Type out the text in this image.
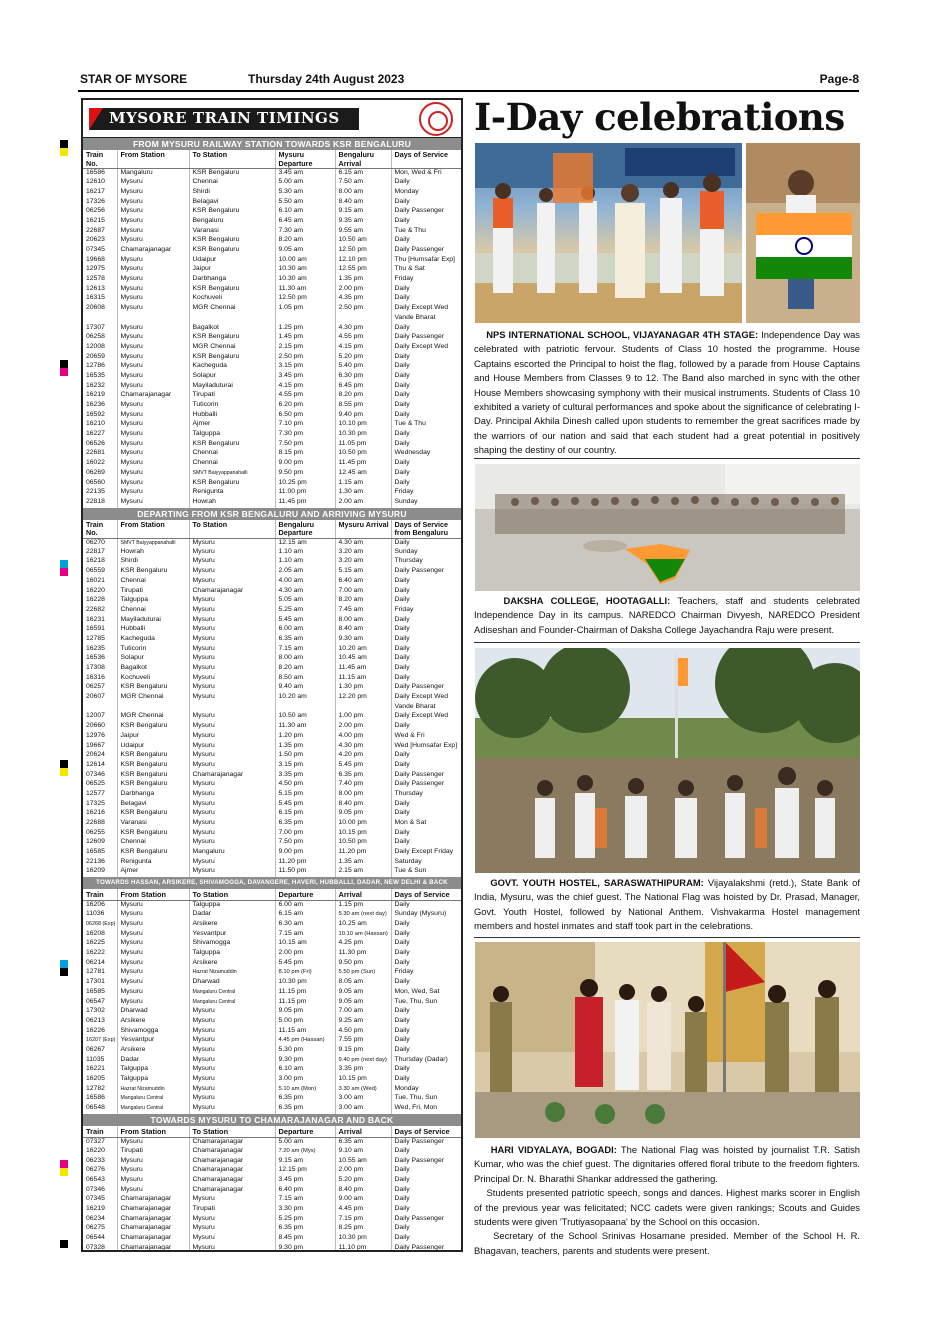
STAR OF MYSORE	Thursday 24th August 2023	Page-8
MYSORE TRAIN TIMINGS
FROM MYSURU RAILWAY STATION TOWARDS KSR BENGALURU
Train No.	From Station	To Station	Mysuru Departure	Bengaluru Arrival	Days of Service
16586	Mangaluru	KSR Bengaluru	3.45 am	6.15 am	Mon, Wed & Fri
12610	Mysuru	Chennai	5.00 am	7.50 am	Daily
16217	Mysuru	Shirdi	5.30 am	8.00 am	Monday
17326	Mysuru	Belagavi	5.50 am	8.40 am	Daily
06256	Mysuru	KSR Bengaluru	6.10 am	9.15 am	Daily Passenger
16215	Mysuru	Bengaluru	6.45 am	9.35 am	Daily
22687	Mysuru	Varanasi	7.30 am	9.55 am	Tue & Thu
20623	Mysuru	KSR Bengaluru	8.20 am	10.50 am	Daily
07345	Chamarajanagar	KSR Bengaluru	9.05 am	12.50 pm	Daily Passenger
19668	Mysuru	Udaipur	10.00 am	12.10 pm	Thu [Humsafar Exp]
12975	Mysuru	Jaipur	10.30 am	12.55 pm	Thu & Sat
12578	Mysuru	Darbhanga	10.30 am	1.35 pm	Friday
12613	Mysuru	KSR Bengaluru	11.30 am	2.00 pm	Daily
16315	Mysuru	Kochuveli	12.50 pm	4.35 pm	Daily
20608	Mysuru	MGR Chennai	1.05 pm	2.50 pm	Daily Except Wed
					Vande Bharat
17307	Mysuru	Bagalkot	1.25 pm	4.30 pm	Daily
06258	Mysuru	KSR Bengaluru	1.45 pm	4.55 pm	Daily Passenger
12008	Mysuru	MGR Chennai	2.15 pm	4.15 pm	Daily Except Wed
20659	Mysuru	KSR Bengaluru	2.50 pm	5.20 pm	Daily
12786	Mysuru	Kacheguda	3.15 pm	5.40 pm	Daily
16535	Mysuru	Solapur	3.45 pm	6.30 pm	Daily
16232	Mysuru	Mayiladuturai	4.15 pm	6.45 pm	Daily
16219	Chamarajanagar	Tirupati	4.55 pm	8.20 pm	Daily
16236	Mysuru	Tuticorin	6.20 pm	8.55 pm	Daily
16592	Mysuru	Hubballi	6.50 pm	9.40 pm	Daily
16210	Mysuru	Ajmer	7.10 pm	10.10 pm	Tue & Thu
16227	Mysuru	Talguppa	7.30 pm	10.30 pm	Daily
06526	Mysuru	KSR Bengaluru	7.50 pm	11.05 pm	Daily
22681	Mysuru	Chennai	8.15 pm	10.50 pm	Wednesday
16022	Mysuru	Chennai	9.00 pm	11.45 pm	Daily
06269	Mysuru	SMVT Baiyyappanahalli	9.50 pm	12.45 am	Daily
06560	Mysuru	KSR Bengaluru	10.25 pm	1.15 am	Daily
22135	Mysuru	Renigunta	11.00 pm	1.30 am	Friday
22818	Mysuru	Howrah	11.45 pm	2.00 am	Sunday
DEPARTING FROM KSR BENGALURU AND ARRIVING MYSURU
Train No.	From Station	To Station	Bengaluru Departure	Mysuru Arrival	Days of Service from Bengaluru
06270	SMVT Baiyyappanahalli	Mysuru	12.15 am	4.30 am	Daily
22817	Howrah	Mysuru	1.10 am	3.20 am	Sunday
16218	Shirdi	Mysuru	1.10 am	3.20 am	Thursday
06559	KSR Bengaluru	Mysuru	2.05 am	5.15 am	Daily Passenger
16021	Chennai	Mysuru	4.00 am	6.40 am	Daily
16220	Tirupati	Chamarajanagar	4.30 am	7.00 am	Daily
16228	Talguppa	Mysuru	5.05 am	8.20 am	Daily
22682	Chennai	Mysuru	5.25 am	7.45 am	Friday
16231	Mayiladuturai	Mysuru	5.45 am	8.00 am	Daily
16591	Hubballi	Mysuru	6.00 am	8.40 am	Daily
12785	Kacheguda	Mysuru	6.35 am	9.30 am	Daily
16235	Tuticorin	Mysuru	7.15 am	10.20 am	Daily
16536	Solapur	Mysuru	8.00 am	10.45 am	Daily
17308	Bagalkot	Mysuru	8.20 am	11.45 am	Daily
16316	Kochuveli	Mysuru	8.50 am	11.15 am	Daily
06257	KSR Bengaluru	Mysuru	9.40 am	1.30 pm	Daily Passenger
20607	MGR Chennai	Mysuru	10.20 am	12.20 pm	Daily Except Wed
					Vande Bharat
12007	MGR Chennai	Mysuru	10.50 am	1.00 pm	Daily Except Wed
20660	KSR Bengaluru	Mysuru	11.30 am	2.00 pm	Daily
12976	Jaipur	Mysuru	1.20 pm	4.00 pm	Wed & Fri
19667	Udaipur	Mysuru	1.35 pm	4.30 pm	Wed [Humsafar Exp]
20624	KSR Bengaluru	Mysuru	1.50 pm	4.20 pm	Daily
12614	KSR Bengaluru	Mysuru	3.15 pm	5.45 pm	Daily
07346	KSR Bengaluru	Chamarajanagar	3.35 pm	6.35 pm	Daily Passenger
06525	KSR Bengaluru	Mysuru	4.50 pm	7.40 pm	Daily Passenger
12577	Darbhanga	Mysuru	5.15 pm	8.00 pm	Thursday
17325	Belagavi	Mysuru	5.45 pm	8.40 pm	Daily
16216	KSR Bengaluru	Mysuru	6.15 pm	9.05 pm	Daily
22688	Varanasi	Mysuru	6.35 pm	10.00 pm	Mon & Sat
06255	KSR Bengaluru	Mysuru	7.00 pm	10.15 pm	Daily
12609	Chennai	Mysuru	7.50 pm	10.50 pm	Daily
16585	KSR Bengaluru	Mangaluru	9.00 pm	11.20 pm	Daily Except Friday
22136	Renigunta	Mysuru	11.20 pm	1.35 am	Saturday
16209	Ajmer	Mysuru	11.50 pm	2.15 am	Tue & Sun
TOWARDS HASSAN, ARSIKERE, SHIVAMOGGA, DAVANGERE, HAVERI, HUBBALLI, DADAR, NEW DELHI & BACK
Train	From Station	To Station	Departure	Arrival	Days of Service
16206	Mysuru	Talguppa	6.00 am	1.15 pm	Daily
11036	Mysuru	Dadar	6.15 am	5.30 am (next day)	Sunday (Mysuru)
06268 (Exp)	Mysuru	Arsikere	6.30 am	10.25 am	Daily
16208	Mysuru	Yesvantpur	7.15 am	10.10 am (Hassan)	Daily
16225	Mysuru	Shivamogga	10.15 am	4.25 pm	Daily
16222	Mysuru	Talguppa	2.00 pm	11.30 pm	Daily
06214	Mysuru	Arsikere	5.45 pm	9.50 pm	Daily
12781	Mysuru	Hazrat Nizamuddin	8.10 pm (Fri)	5.50 pm (Sun)	Friday
17301	Mysuru	Dharwad	10.30 pm	8.05 am	Daily
16585	Mysuru	Mangaluru Central	11.15 pm	9.05 am	Mon, Wed, Sat
06547	Mysuru	Mangaluru Central	11.15 pm	9.05 am	Tue, Thu, Sun
17302	Dharwad	Mysuru	9.05 pm	7.00 am	Daily
06213	Arsikere	Mysuru	5.00 pm	9.25 am	Daily
16226	Shivamogga	Mysuru	11.15 am	4.50 pm	Daily
16207 (Exp)	Yesvantpur	Mysuru	4.45 pm (Hassan)	7.55 pm	Daily
06267	Arsikere	Mysuru	5.30 pm	9.15 pm	Daily
11035	Dadar	Mysuru	9.30 pm	9.40 pm (next day)	Thursday (Dadar)
16221	Talguppa	Mysuru	6.10 am	3.35 pm	Daily
16205	Talguppa	Mysuru	3.00 pm	10.15 pm	Daily
12782	Hazrat Nizamuddin	Mysuru	5.10 am (Mon)	3.30 am (Wed)	Monday
16586	Mangaluru Central	Mysuru	6.35 pm	3.00 am	Tue, Thu, Sun
06548	Mangaluru Central	Mysuru	6.35 pm	3.00 am	Wed, Fri, Mon
TOWARDS MYSURU TO CHAMARAJANAGAR AND BACK
Train	From Station	To Station	Departure	Arrival	Days of Service
07327	Mysuru	Chamarajanagar	5.00 am	6.35 am	Daily Passenger
16220	Tirupati	Chamarajanagar	7.20 am (Mys)	9.10 am	Daily
06233	Mysuru	Chamarajanagar	9.15 am	10.55 am	Daily Passenger
06276	Mysuru	Chamarajanagar	12.15 pm	2.00 pm	Daily
06543	Mysuru	Chamarajanagar	3.45 pm	5.20 pm	Daily
07346	Mysuru	Chamarajanagar	6.40 pm	8.40 pm	Daily
07345	Chamarajanagar	Mysuru	7.15 am	9.00 am	Daily
16219	Chamarajanagar	Tirupati	3.30 pm	4.45 pm	Daily
06234	Chamarajanagar	Mysuru	5.25 pm	7.15 pm	Daily Passenger
06275	Chamarajanagar	Mysuru	6.35 pm	8.25 pm	Daily
06544	Chamarajanagar	Mysuru	8.45 pm	10.30 pm	Daily
07328	Chamarajanagar	Mysuru	9.30 pm	11.10 pm	Daily Passenger
I-Day celebrations
NPS INTERNATIONAL SCHOOL, VIJAYANAGAR 4TH STAGE: Independence Day was celebrated with patriotic fervour. Students of Class 10 hosted the programme. House Captains escorted the Principal to hoist the flag, followed by a parade from House Captains and House Members from Classes 9 to 12. The Band also marched in sync with the other House Members showcasing symphony with their musical instruments. Students of Class 10 exhibited a variety of cultural performances and spoke about the significance of celebrating I-Day. Principal Akhila Dinesh called upon students to remember the great sacrifices made by the warriors of our nation and said that each student had a great potential in positively shaping the destiny of our country.
DAKSHA COLLEGE, HOOTAGALLI: Teachers, staff and students celebrated Independence Day in its campus. NAREDCO Chairman Divyesh, NAREDCO President Adiseshan and Founder-Chairman of Daksha College Jayachandra Raju were present.
GOVT. YOUTH HOSTEL, SARASWATHIPURAM: Vijayalakshmi (retd.), State Bank of India, Mysuru, was the chief guest. The National Flag was hoisted by Dr. Prasad, Manager, Govt. Youth Hostel, followed by National Anthem. Vishvakarma Hostel management members and hostel inmates and staff took part in the celebrations.
HARI VIDYALAYA, BOGADI: The National Flag was hoisted by journalist T.R. Satish Kumar, who was the chief guest. The dignitaries offered floral tribute to the freedom fighters. Principal Dr. N. Bharathi Shankar addressed the gathering.
Students presented patriotic speech, songs and dances. Highest marks scorer in English of the previous year was felicitated; NCC cadets were given rankings; Scouts and Guides students were given 'Trutiyasopaana' by the School on this occasion.
Secretary of the School Srinivas Hosamane presided. Member of the School H. R. Bhagavan, teachers, parents and students were present.
